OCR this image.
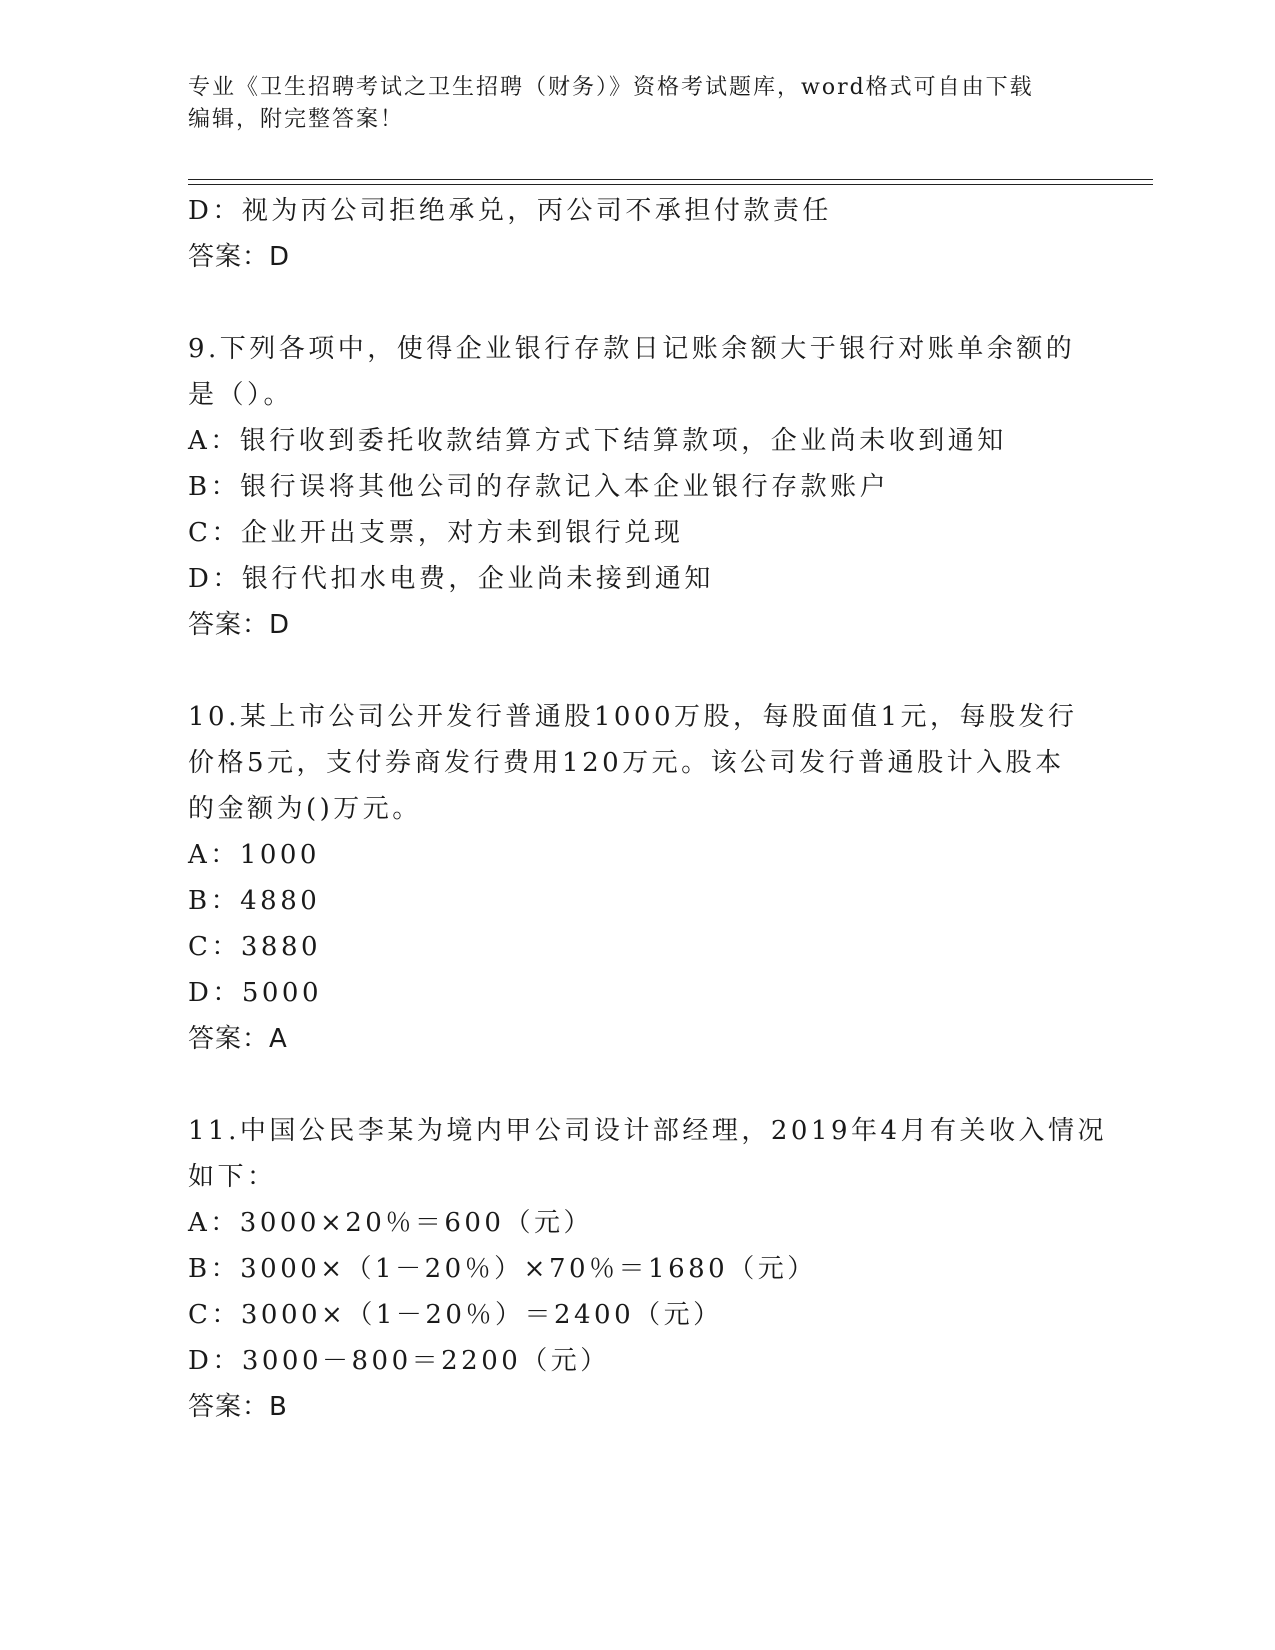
专业《卫生招聘考试之卫生招聘（财务）》资格考试题库，word格式可自由下载
编辑，附完整答案！
D：视为丙公司拒绝承兑，丙公司不承担付款责任
答案：D
9.下列各项中，使得企业银行存款日记账余额大于银行对账单余额的
是（）。
A：银行收到委托收款结算方式下结算款项，企业尚未收到通知
B：银行误将其他公司的存款记入本企业银行存款账户
C：企业开出支票，对方未到银行兑现
D：银行代扣水电费，企业尚未接到通知
答案：D
10.某上市公司公开发行普通股1000万股，每股面值1元，每股发行
价格5元，支付券商发行费用120万元。该公司发行普通股计入股本
的金额为()万元。
A：1000
B：4880
C：3880
D：5000
答案：A
11.中国公民李某为境内甲公司设计部经理，2019年4月有关收入情况
如下：
A：3000×20％＝600（元）
B：3000×（1－20％）×70％＝1680（元）
C：3000×（1－20％）＝2400（元）
D：3000－800＝2200（元）
答案：B
